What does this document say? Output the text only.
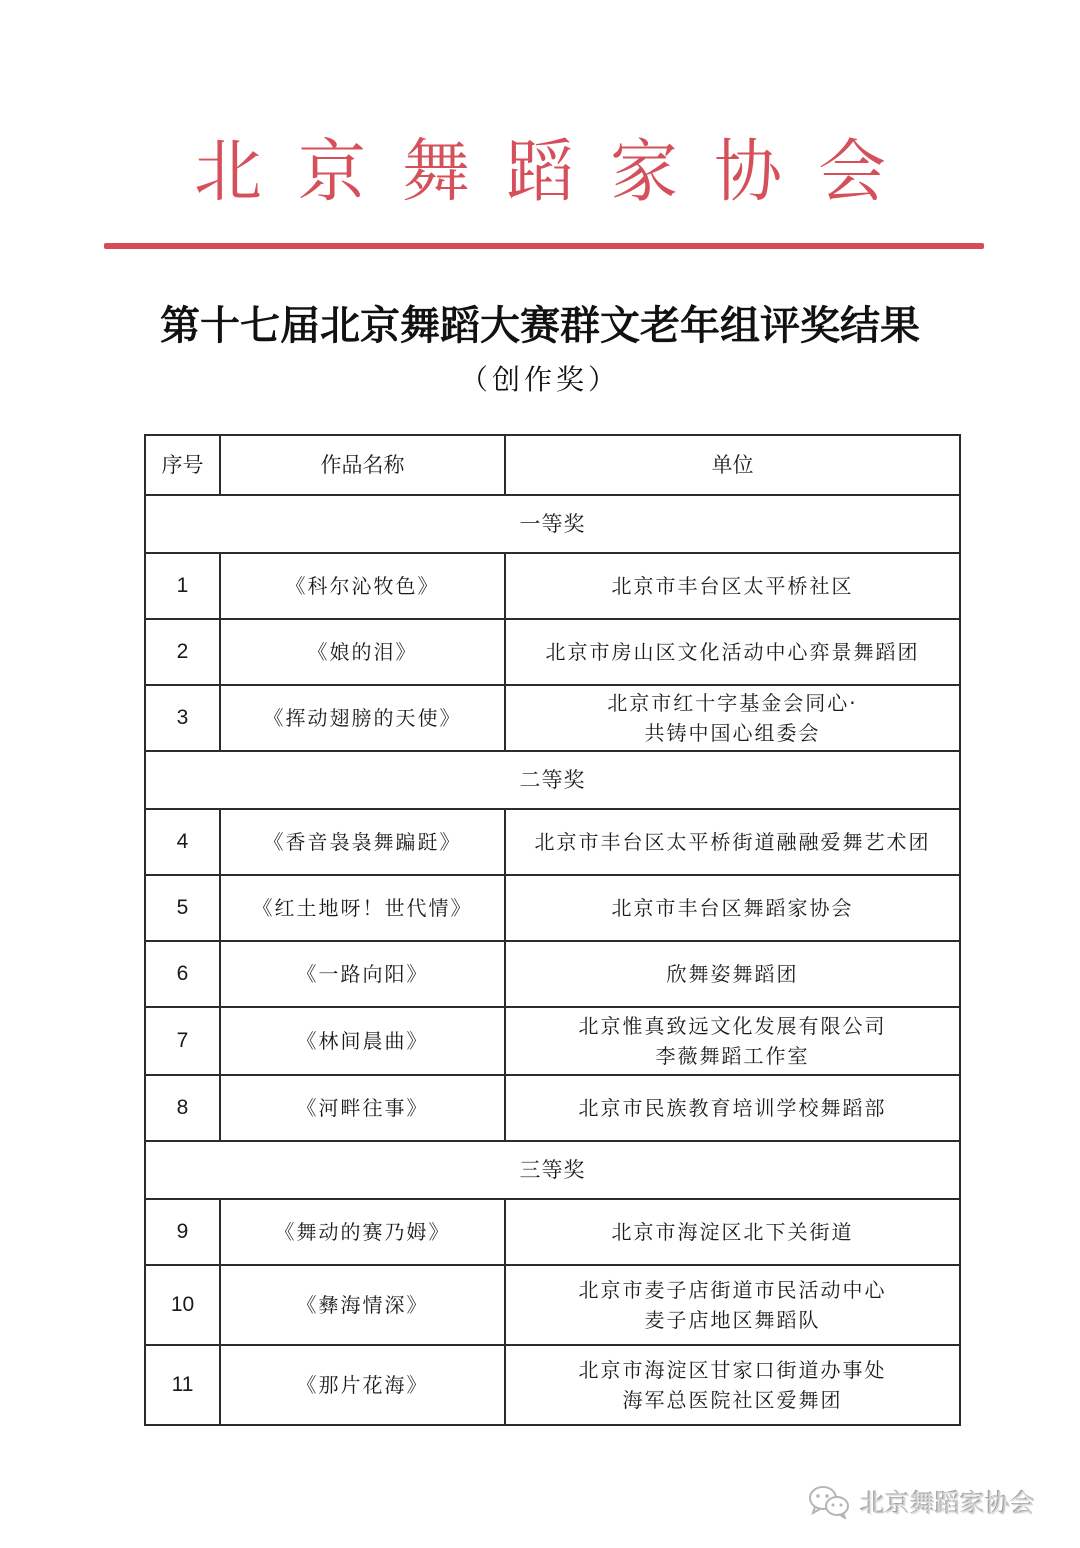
北京舞蹈家协会
第十七届北京舞蹈大赛群文老年组评奖结果
（创作奖）
序号	作品名称	单位
一等奖		
1	《科尔沁牧色》	北京市丰台区太平桥社区

2	《娘的泪》	北京市房山区文化活动中心弈景舞蹈团

3	《挥动翅膀的天使》	北京市红十字基金会同心·
共铸中国心组委会

二等奖		
4	《香音袅袅舞蹁跹》	北京市丰台区太平桥街道融融爱舞艺术团

5	《红土地呀！世代情》	北京市丰台区舞蹈家协会

6	《一路向阳》	欣舞姿舞蹈团

7	《林间晨曲》	北京惟真致远文化发展有限公司
李薇舞蹈工作室

8	《河畔往事》	北京市民族教育培训学校舞蹈部

三等奖		
9	《舞动的赛乃姆》	北京市海淀区北下关街道

10	《彝海情深》	北京市麦子店街道市民活动中心
麦子店地区舞蹈队

11	《那片花海》	北京市海淀区甘家口街道办事处
海军总医院社区爱舞团
北京舞蹈家协会
